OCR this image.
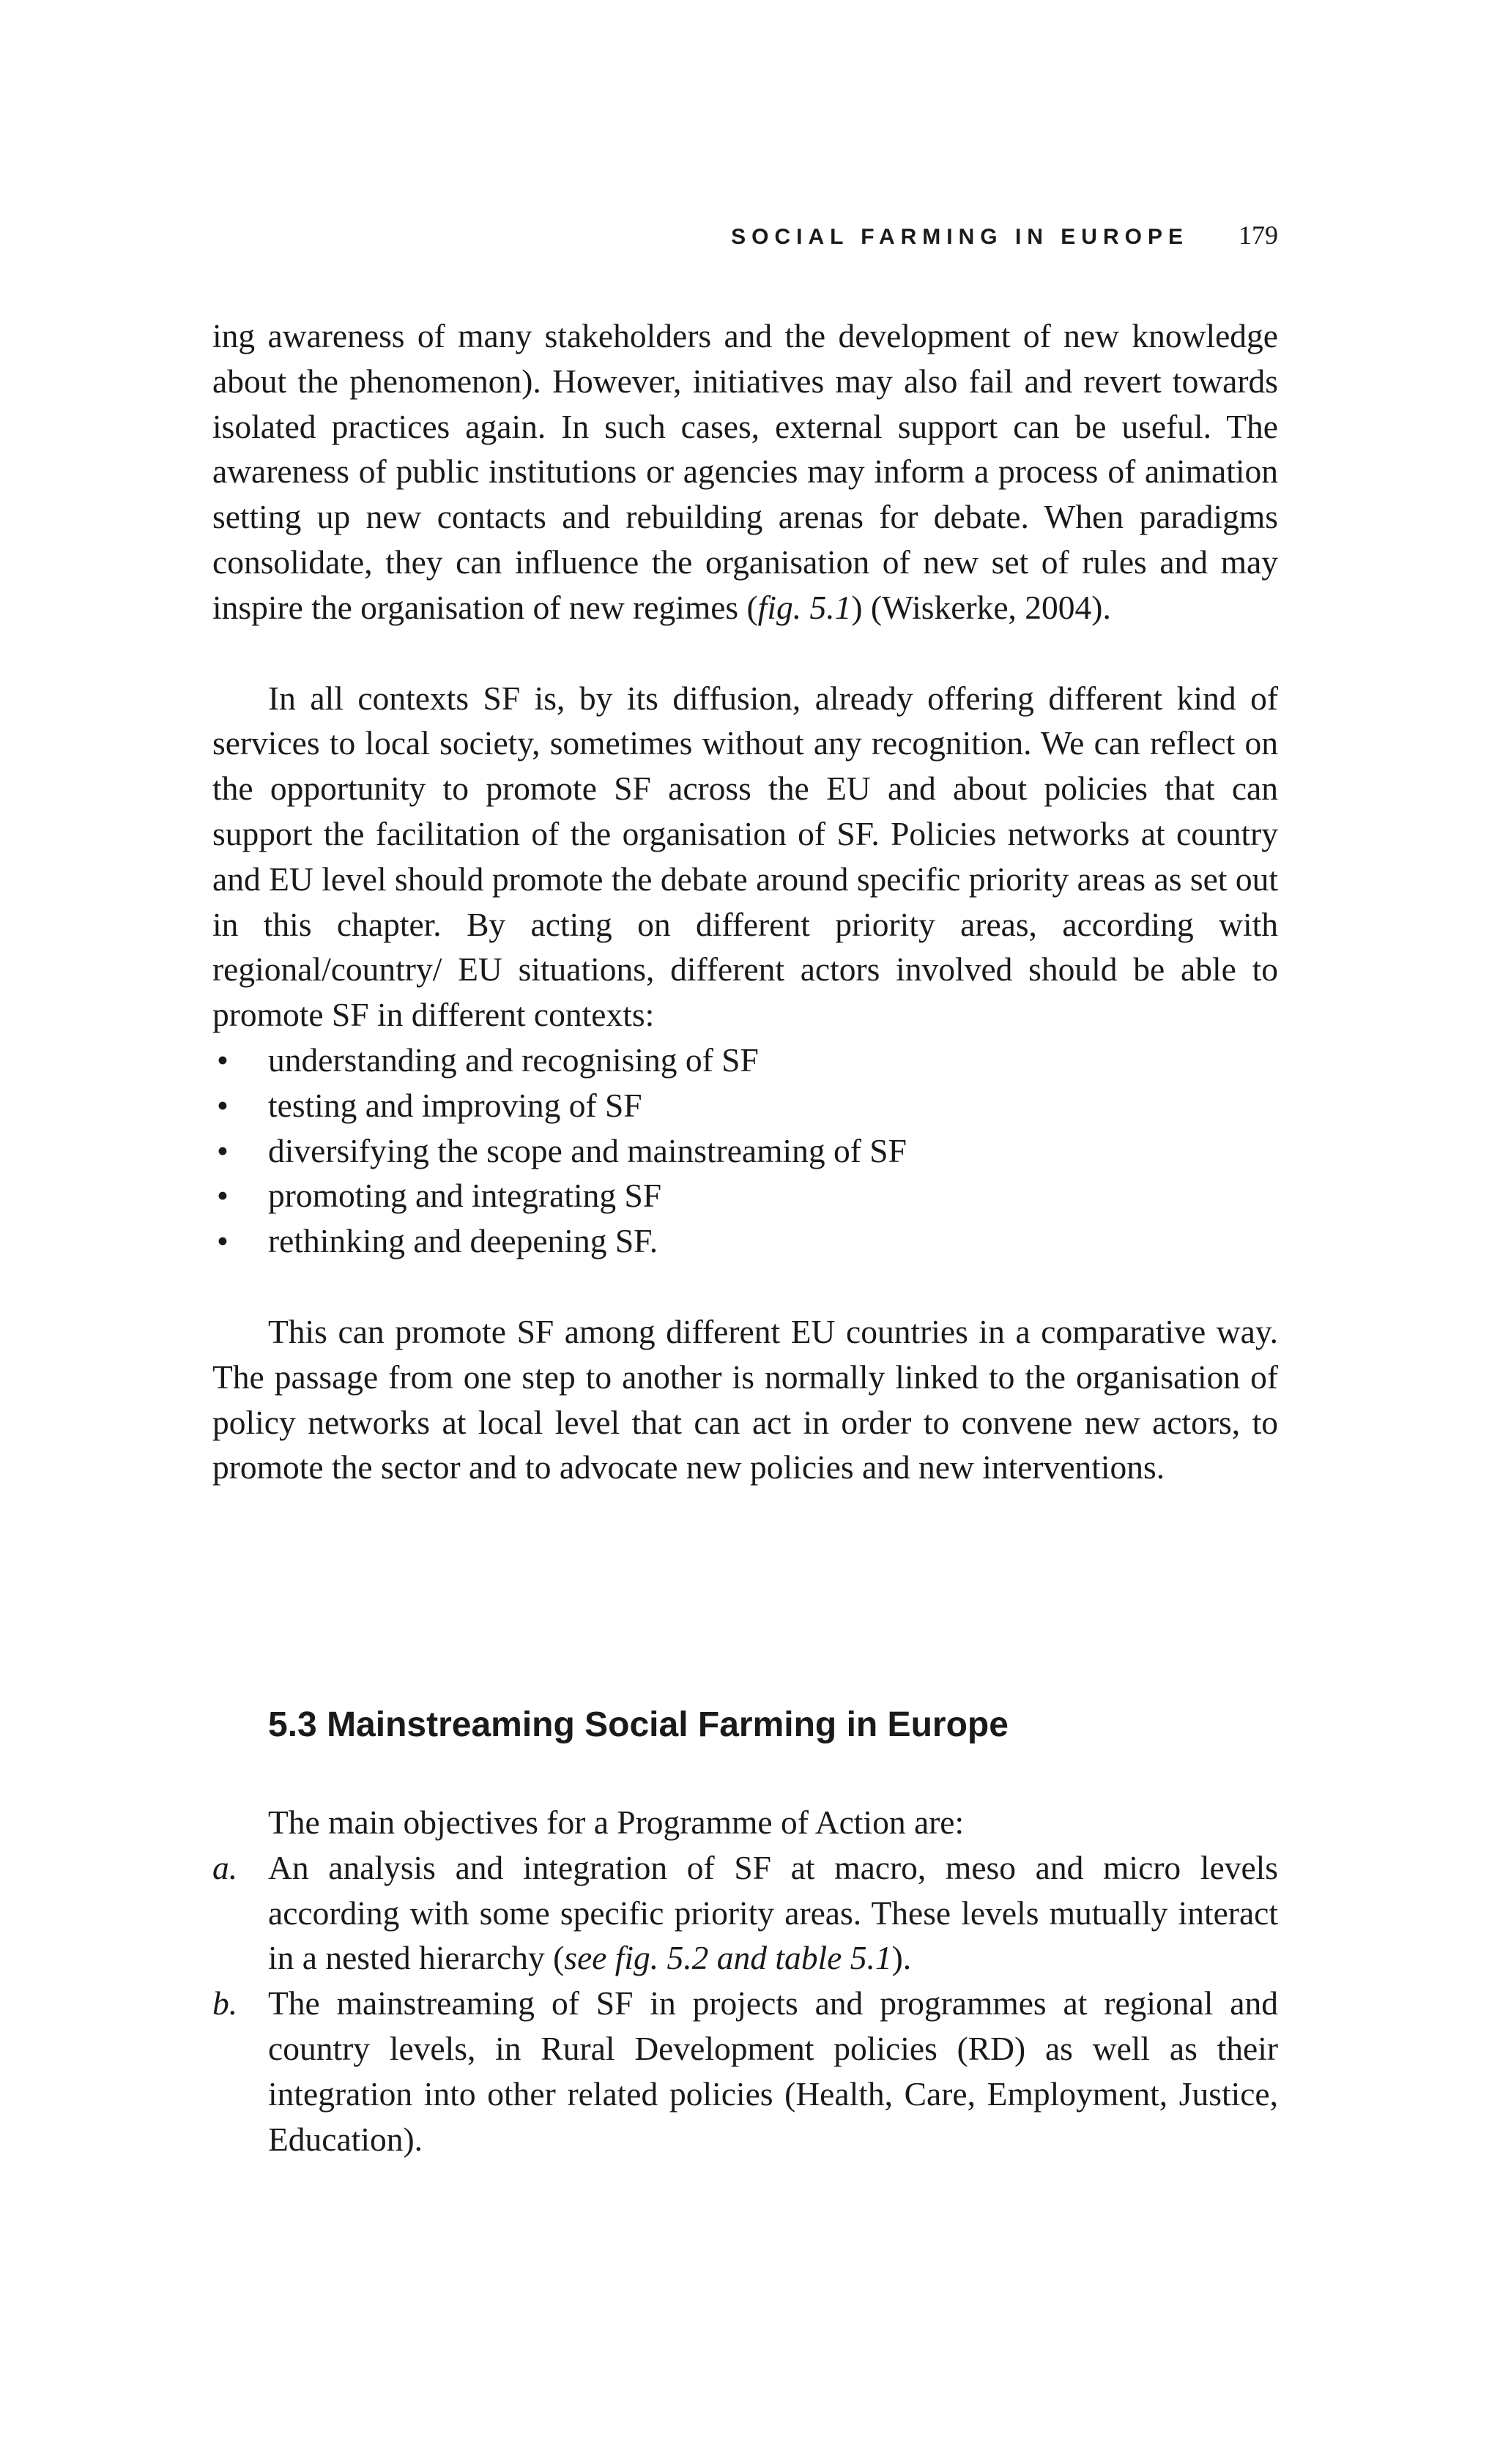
SOCIAL FARMING IN EUROPE 179

ing awareness of many stakeholders and the development of new knowledge about the phenomenon). However, initiatives may also fail and revert towards isolated practices again. In such cases, external support can be useful. The awareness of public institutions or agencies may inform a process of animation setting up new contacts and rebuilding arenas for debate. When paradigms consolidate, they can influence the organisation of new set of rules and may inspire the organisation of new regimes (fig. 5.1) (Wiskerke, 2004).

In all contexts SF is, by its diffusion, already offering different kind of services to local society, sometimes without any recognition. We can reflect on the opportunity to promote SF across the EU and about policies that can support the facilitation of the organisation of SF. Policies networks at country and EU level should promote the debate around specific priority areas as set out in this chapter. By acting on different priority areas, according with regional/country/ EU situations, different actors involved should be able to promote SF in different contexts:

• understanding and recognising of SF
• testing and improving of SF
• diversifying the scope and mainstreaming of SF
• promoting and integrating SF
• rethinking and deepening SF.

This can promote SF among different EU countries in a comparative way. The passage from one step to another is normally linked to the organisation of policy networks at local level that can act in order to convene new actors, to promote the sector and to advocate new policies and new interventions.

5.3 Mainstreaming Social Farming in Europe

The main objectives for a Programme of Action are:

a. An analysis and integration of SF at macro, meso and micro levels according with some specific priority areas. These levels mutually interact in a nested hierarchy (see fig. 5.2 and table 5.1).
b. The mainstreaming of SF in projects and programmes at regional and country levels, in Rural Development policies (RD) as well as their integration into other related policies (Health, Care, Employment, Justice, Education).
